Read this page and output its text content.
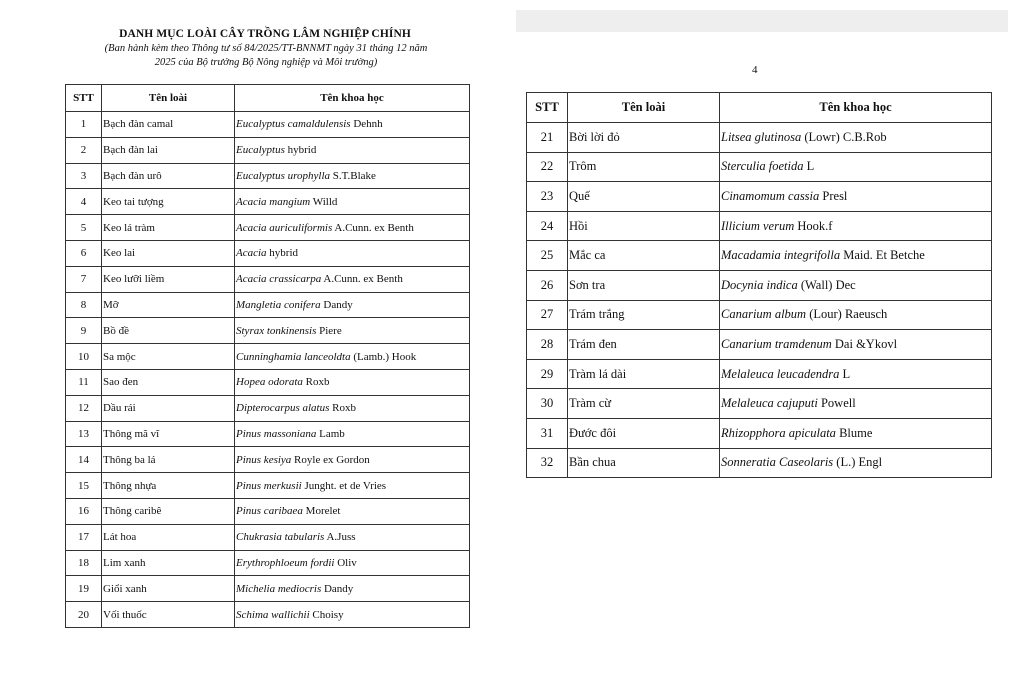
DANH MỤC LOÀI CÂY TRỒNG LÂM NGHIỆP CHÍNH
(Ban hành kèm theo Thông tư số 84/2025/TT-BNNMT ngày 31 tháng 12 năm
2025 của Bộ trưởng Bộ Nông nghiệp và Môi trường)
STT	Tên loài	Tên khoa học
1	Bạch đàn camal	Eucalyptus camaldulensis Dehnh
2	Bạch đàn lai	Eucalyptus hybrid
3	Bạch đàn urô	Eucalyptus urophylla S.T.Blake
4	Keo tai tượng	Acacia mangium Willd
5	Keo lá tràm	Acacia auriculiformis A.Cunn. ex Benth
6	Keo lai	Acacia hybrid
7	Keo lưỡi liềm	Acacia crassicarpa A.Cunn. ex Benth
8	Mỡ	Mangletia conifera Dandy
9	Bồ đề	Styrax tonkinensis Piere
10	Sa mộc	Cunninghamia lanceoldta (Lamb.) Hook
11	Sao đen	Hopea odorata Roxb
12	Dầu rái	Dipterocarpus alatus Roxb
13	Thông mã vĩ	Pinus massoniana Lamb
14	Thông ba lá	Pinus kesiya Royle ex Gordon
15	Thông nhựa	Pinus merkusii Junght. et de Vries
16	Thông caribê	Pinus caribaea Morelet
17	Lát hoa	Chukrasia tabularis A.Juss
18	Lim xanh	Erythrophloeum fordii Oliv
19	Giổi xanh	Michelia mediocris Dandy
20	Vối thuốc	Schima wallichii Choisy
4
STT	Tên loài	Tên khoa học
21	Bời lời đỏ	Litsea glutinosa (Lowr) C.B.Rob
22	Trôm	Sterculia foetida L
23	Quế	Cinamomum cassia Presl
24	Hồi	Illicium verum Hook.f
25	Mắc ca	Macadamia integrifolla Maid. Et Betche
26	Sơn tra	Docynia indica (Wall) Dec
27	Trám trắng	Canarium album (Lour) Raeusch
28	Trám đen	Canarium tramdenum Dai &Ykovl
29	Tràm lá dài	Melaleuca leucadendra L
30	Tràm cừ	Melaleuca cajuputi Powell
31	Đước đôi	Rhizopphora apiculata Blume
32	Bần chua	Sonneratia Caseolaris (L.) Engl
